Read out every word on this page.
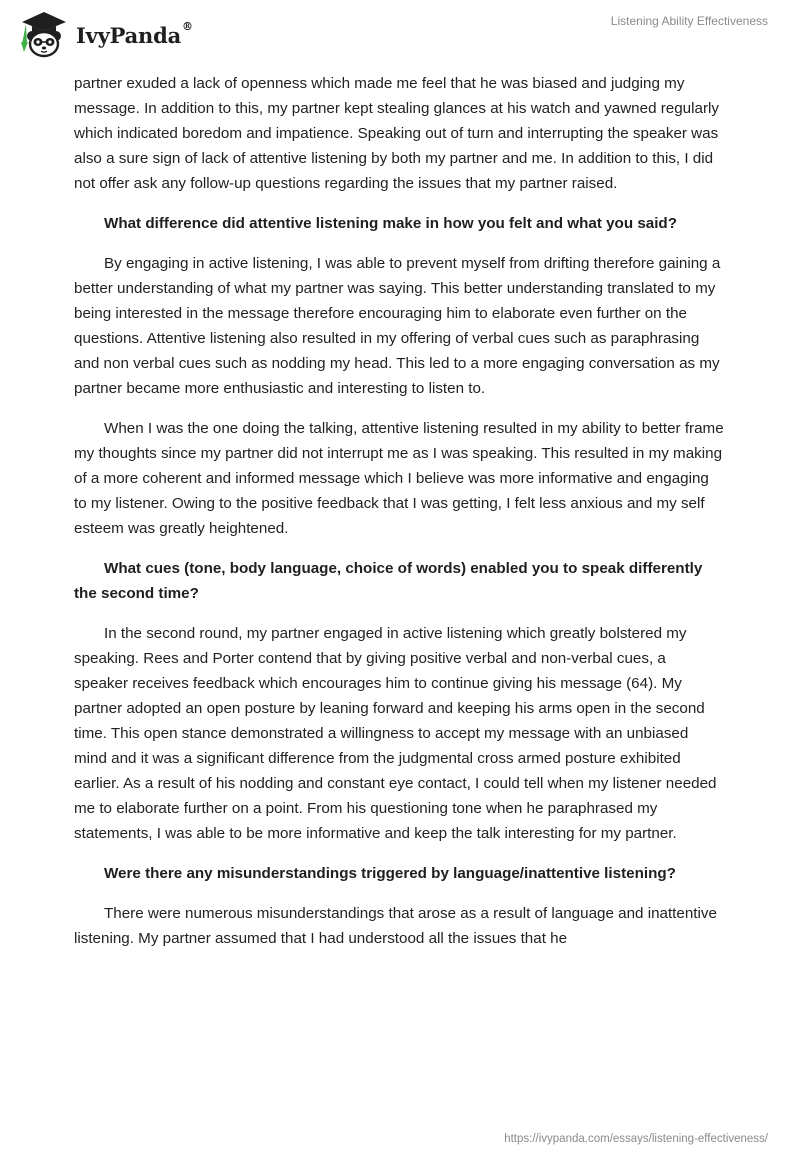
IvyPanda®	Listening Ability Effectiveness

partner exuded a lack of openness which made me feel that he was biased and judging my message. In addition to this, my partner kept stealing glances at his watch and yawned regularly which indicated boredom and impatience. Speaking out of turn and interrupting the speaker was also a sure sign of lack of attentive listening by both my partner and me. In addition to this, I did not offer ask any follow-up questions regarding the issues that my partner raised.

What difference did attentive listening make in how you felt and what you said?

By engaging in active listening, I was able to prevent myself from drifting therefore gaining a better understanding of what my partner was saying. This better understanding translated to my being interested in the message therefore encouraging him to elaborate even further on the questions. Attentive listening also resulted in my offering of verbal cues such as paraphrasing and non verbal cues such as nodding my head. This led to a more engaging conversation as my partner became more enthusiastic and interesting to listen to.

When I was the one doing the talking, attentive listening resulted in my ability to better frame my thoughts since my partner did not interrupt me as I was speaking. This resulted in my making of a more coherent and informed message which I believe was more informative and engaging to my listener. Owing to the positive feedback that I was getting, I felt less anxious and my self esteem was greatly heightened.

What cues (tone, body language, choice of words) enabled you to speak differently the second time?

In the second round, my partner engaged in active listening which greatly bolstered my speaking. Rees and Porter contend that by giving positive verbal and non-verbal cues, a speaker receives feedback which encourages him to continue giving his message (64). My partner adopted an open posture by leaning forward and keeping his arms open in the second time. This open stance demonstrated a willingness to accept my message with an unbiased mind and it was a significant difference from the judgmental cross armed posture exhibited earlier. As a result of his nodding and constant eye contact, I could tell when my listener needed me to elaborate further on a point. From his questioning tone when he paraphrased my statements, I was able to be more informative and keep the talk interesting for my partner.

Were there any misunderstandings triggered by language/inattentive listening?

There were numerous misunderstandings that arose as a result of language and inattentive listening. My partner assumed that I had understood all the issues that he

https://ivypanda.com/essays/listening-effectiveness/
